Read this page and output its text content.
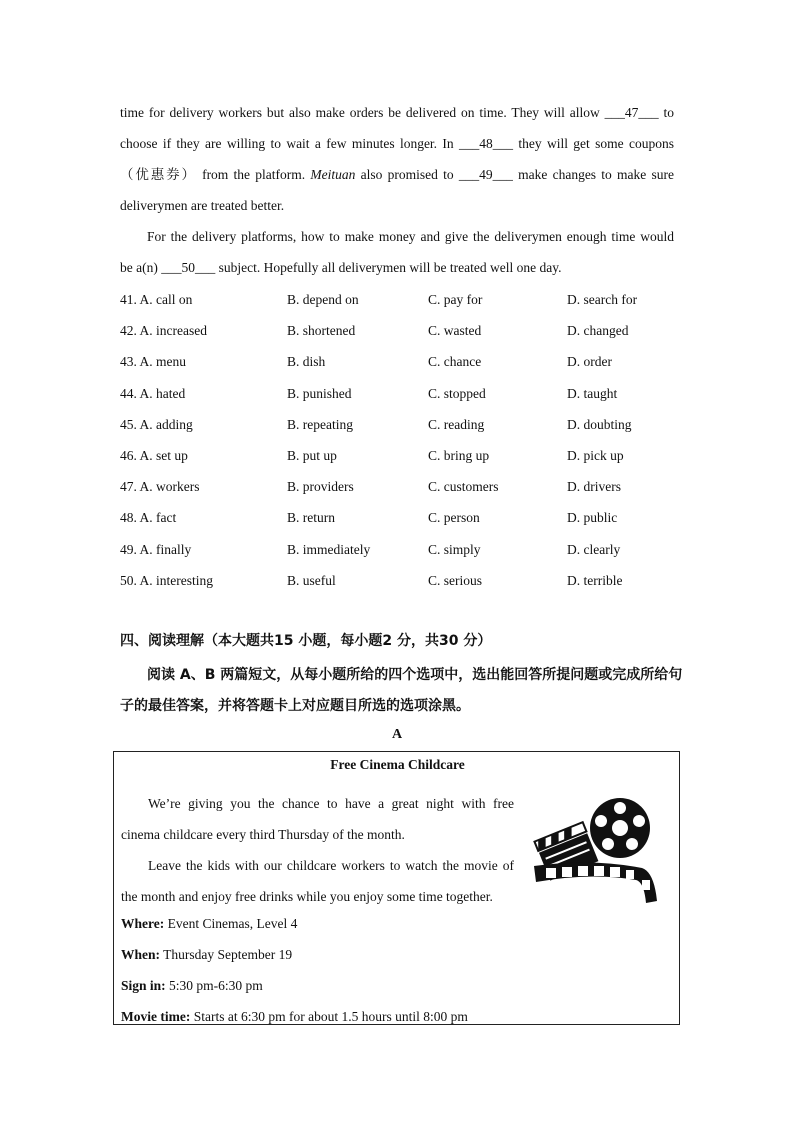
time for delivery workers but also make orders be delivered on time. They will allow ___47___ to
choose if they are willing to wait a few minutes longer. In ___48___ they will get some coupons
（优惠券） from the platform. Meituan also promised to ___49___ make changes to make sure
deliverymen are treated better.
For the delivery platforms, how to make money and give the deliverymen enough time would
be a(n) ___50___ subject. Hopefully all deliverymen will be treated well one day.
41. A. call on	B. depend on	C. pay for	D. search for
42. A. increased	B. shortened	C. wasted	D. changed
43. A. menu	B. dish	C. chance	D. order
44. A. hated	B. punished	C. stopped	D. taught
45. A. adding	B. repeating	C. reading	D. doubting
46. A. set up	B. put up	C. bring up	D. pick up
47. A. workers	B. providers	C. customers	D. drivers
48. A. fact	B. return	C. person	D. public
49. A. finally	B. immediately	C. simply	D. clearly
50. A. interesting	B. useful	C. serious	D. terrible
四、阅读理解（本大题共15 小题，每小题2 分，共30 分）
阅读 A、B 两篇短文，从每小题所给的四个选项中，选出能回答所提问题或完成所给句
子的最佳答案，并将答题卡上对应题目所选的选项涂黑。
A
Free Cinema Childcare
We’re giving you the chance to have a great night with free
cinema childcare every third Thursday of the month.
Leave the kids with our childcare workers to watch the movie of
the month and enjoy free drinks while you enjoy some time together.
Where: Event Cinemas, Level 4
When: Thursday September 19
Sign in: 5:30 pm-6:30 pm
Movie time: Starts at 6:30 pm for about 1.5 hours until 8:00 pm
